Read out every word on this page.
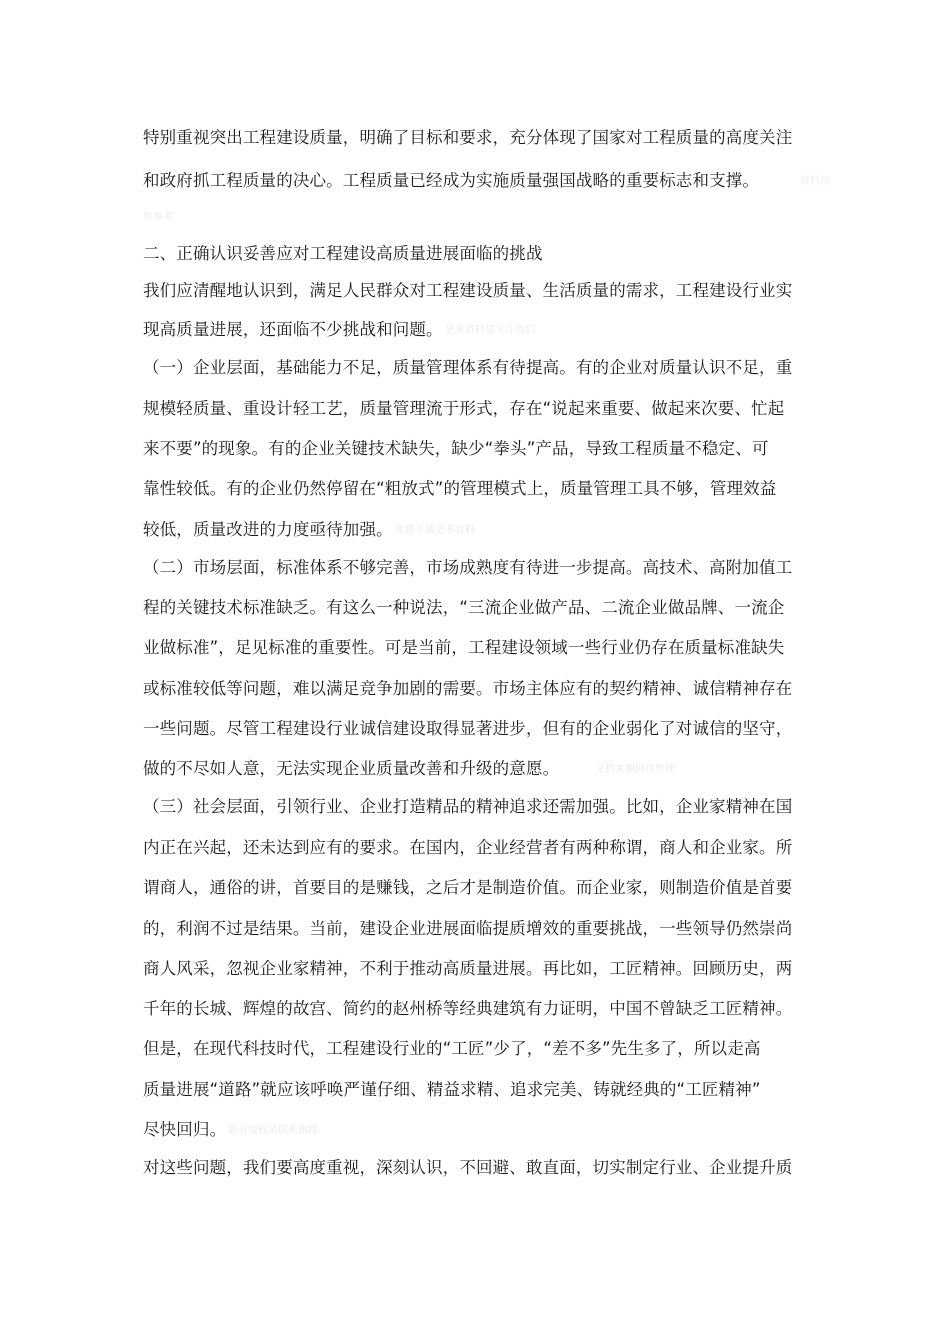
特别重视突出工程建设质量，明确了目标和要求，充分体现了国家对工程质量的高度关注
和政府抓工程质量的决心。工程质量已经成为实施质量强国战略的重要标志和支撑。	资料仅
供参考
二、正确认识妥善应对工程建设高质量进展面临的挑战
我们应清醒地认识到，满足人民群众对工程建设质量、生活质量的需求，工程建设行业实
现高质量进展，还面临不少挑战和问题。 更多资料请关注我们
（一）企业层面，基础能力不足，质量管理体系有待提高。有的企业对质量认识不足，重
规模轻质量、重设计轻工艺，质量管理流于形式，存在“说起来重要、做起来次要、忙起
来不要”的现象。有的企业关键技术缺失，缺少“拳头”产品，导致工程质量不稳定、可
靠性较低。有的企业仍然停留在“粗放式”的管理模式上，质量管理工具不够，管理效益
较低，质量改进的力度亟待加强。 免费下载更多资料
（二）市场层面，标准体系不够完善，市场成熟度有待进一步提高。高技术、高附加值工
程的关键技术标准缺乏。有这么一种说法，“三流企业做产品、二流企业做品牌、一流企
业做标准”，足见标准的重要性。可是当前，工程建设领域一些行业仍存在质量标准缺失
或标准较低等问题，难以满足竞争加剧的需要。市场主体应有的契约精神、诚信精神存在
一些问题。尽管工程建设行业诚信建设取得显著进步，但有的企业弱化了对诚信的坚守，
做的不尽如人意，无法实现企业质量改善和升级的意愿。	文档来源网络整理
（三）社会层面，引领行业、企业打造精品的精神追求还需加强。比如，企业家精神在国
内正在兴起，还未达到应有的要求。在国内，企业经营者有两种称谓，商人和企业家。所
谓商人，通俗的讲，首要目的是赚钱，之后才是制造价值。而企业家，则制造价值是首要
的，利润不过是结果。当前，建设企业进展面临提质增效的重要挑战，一些领导仍然崇尚
商人风采，忽视企业家精神，不利于推动高质量进展。再比如，工匠精神。回顾历史，两
千年的长城、辉煌的故宫、简约的赵州桥等经典建筑有力证明，中国不曾缺乏工匠精神。
但是，在现代科技时代，工程建设行业的“工匠”少了，“差不多”先生多了，所以走高
质量进展“道路”就应该呼唤严谨仔细、精益求精、追求完美、铸就经典的“工匠精神”
尽快回归。 如有侵权请联系删除
对这些问题，我们要高度重视，深刻认识，不回避、敢直面，切实制定行业、企业提升质
